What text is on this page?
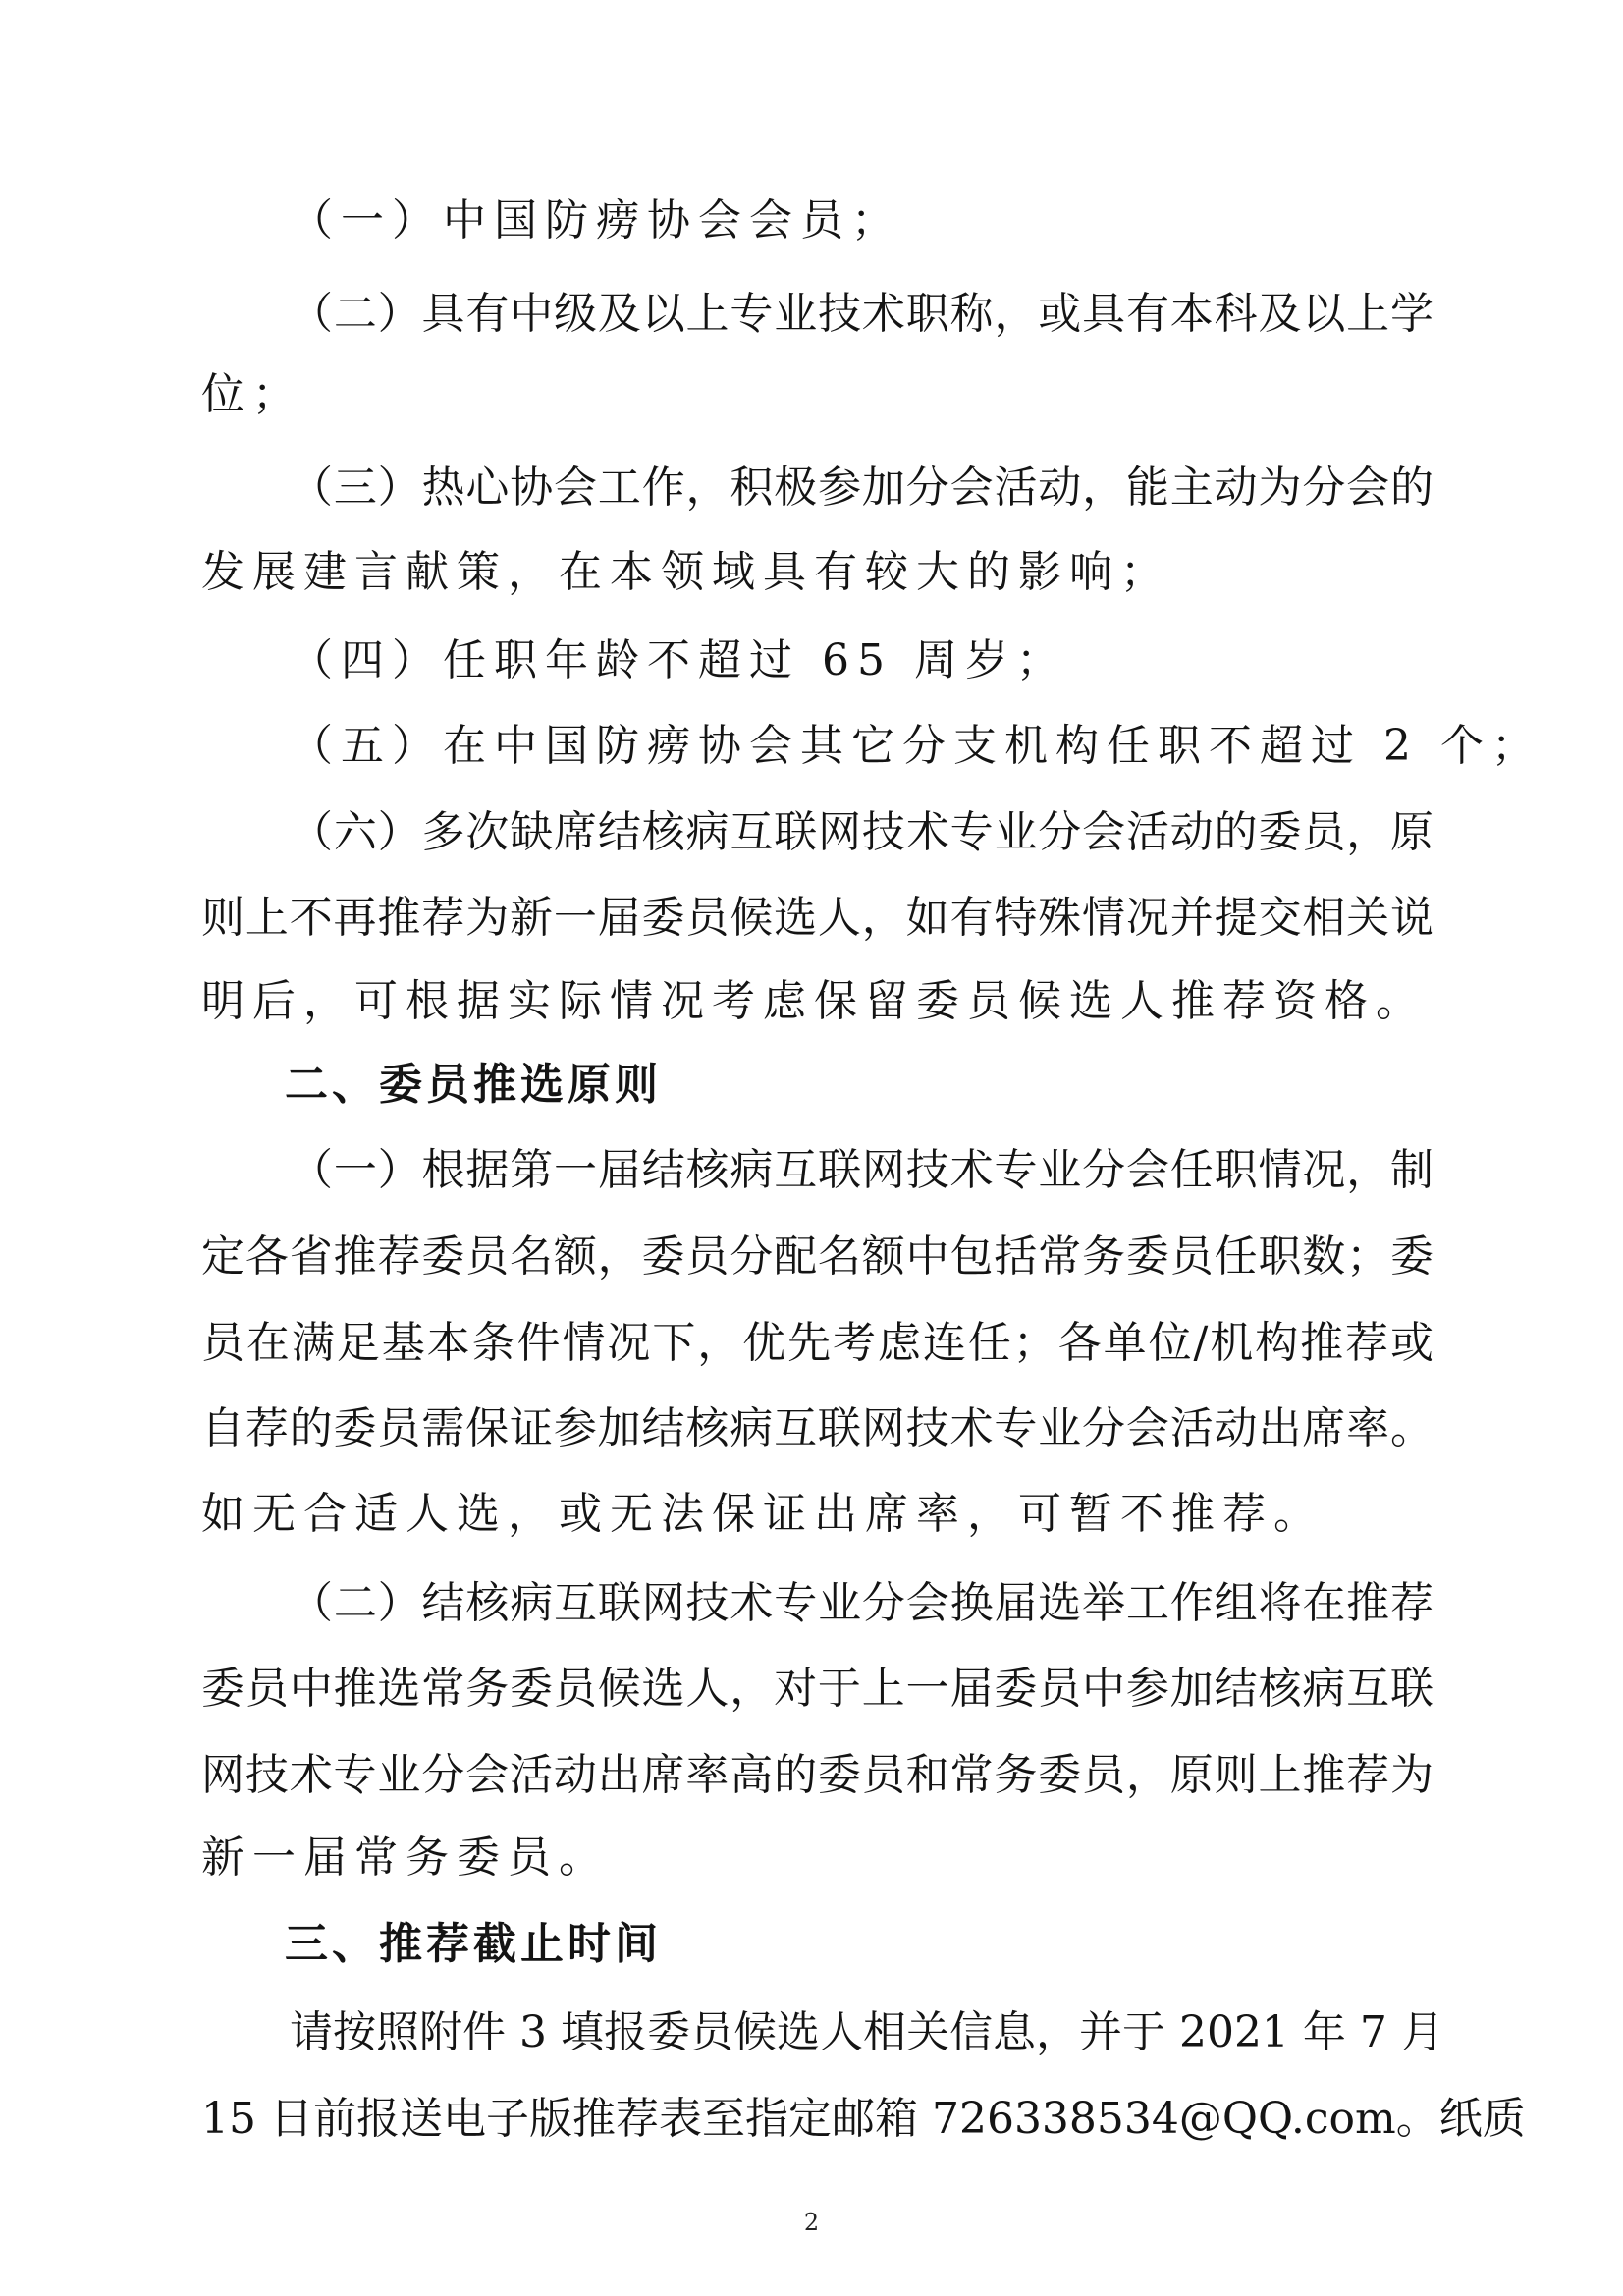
（一）中国防痨协会会员；
（二）具有中级及以上专业技术职称，或具有本科及以上学
位；
（三）热心协会工作，积极参加分会活动，能主动为分会的
发展建言献策，在本领域具有较大的影响；
（四）任职年龄不超过 65 周岁；
（五）在中国防痨协会其它分支机构任职不超过 2 个；
（六）多次缺席结核病互联网技术专业分会活动的委员，原
则上不再推荐为新一届委员候选人，如有特殊情况并提交相关说
明后，可根据实际情况考虑保留委员候选人推荐资格。
二、委员推选原则
（一）根据第一届结核病互联网技术专业分会任职情况，制
定各省推荐委员名额，委员分配名额中包括常务委员任职数；委
员在满足基本条件情况下，优先考虑连任；各单位/机构推荐或
自荐的委员需保证参加结核病互联网技术专业分会活动出席率。
如无合适人选，或无法保证出席率，可暂不推荐。
（二）结核病互联网技术专业分会换届选举工作组将在推荐
委员中推选常务委员候选人，对于上一届委员中参加结核病互联
网技术专业分会活动出席率高的委员和常务委员，原则上推荐为
新一届常务委员。
三、推荐截止时间
请按照附件 3 填报委员候选人相关信息，并于 2021 年 7 月
15 日前报送电子版推荐表至指定邮箱 726338534@QQ.com。纸质
2
